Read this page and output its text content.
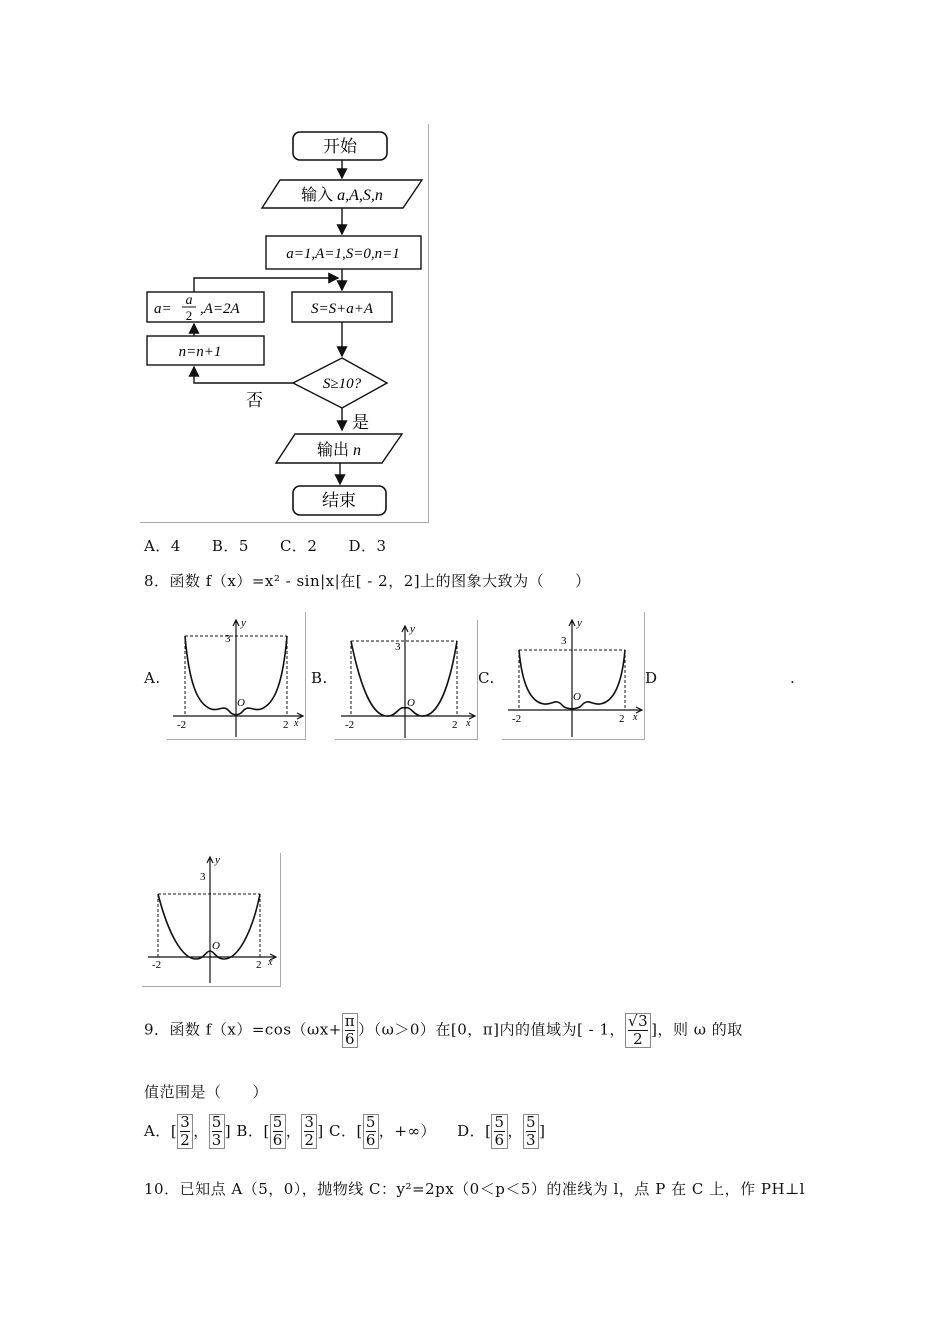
开始
输入 a,A,S,n
a=1,A=1,S=0,n=1
S=S+a+A
a=
a
2 ,A=2A
n=n+1
S≥10?
否
是
输出 n
结束
A．4　　B．5　　C．2　　D．3
8．函数 f（x）=x² - sin|x|在[ - 2，2]上的图象大致为（　　）
A.	B.	C.	D	.
y
3
O
-2	2 x
y
3
O
-2	2 x
y
3
O
-2	2 x
y
3
O
-2	2 x
9．函数 $f(x)=\cos(\omega x+ \frac{\pi}{6} )(\omega>0)$在[0，π]内的值域为[ - 1， $\frac{√3}{2}$ ]，则 ω 的取
值范围是（　　）
A．[ $\frac{3}{2}$ ， $\frac{5}{3}$ ] B．[ $\frac{5}{6}$ ， $\frac{3}{2}$ ] C．[ $\frac{5}{6}$ ，+∞） D．[ $\frac{5}{6}$ ， $\frac{5}{3}$ ]
10．已知点 A（5，0），抛物线 C：y²=2px（0＜p＜5）的准线为 l，点 P 在 C 上，作 PH⊥l
